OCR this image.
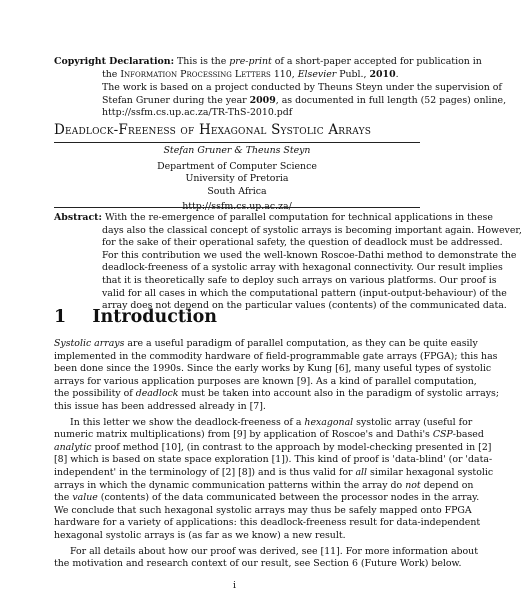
Copyright Declaration: This is the pre-print of a short-paper accepted for publication in
the Information Processing Letters 110, Elsevier Publ., 2010.
The work is based on a project conducted by Theuns Steyn under the supervision of
Stefan Gruner during the year 2009, as documented in full length (52 pages) online,
http://ssfm.cs.up.ac.za/TR-ThS-2010.pdf
Deadlock-Freeness of Hexagonal Systolic Arrays
Stefan Gruner & Theuns Steyn
Department of Computer Science
University of Pretoria
South Africa
http://ssfm.cs.up.ac.za/
Abstract: With the re-emergence of parallel computation for technical applications in these
days also the classical concept of systolic arrays is becoming important again. However,
for the sake of their operational safety, the question of deadlock must be addressed.
For this contribution we used the well-known Roscoe-Dathi method to demonstrate the
deadlock-freeness of a systolic array with hexagonal connectivity. Our result implies
that it is theoretically safe to deploy such arrays on various platforms. Our proof is
valid for all cases in which the computational pattern (input-output-behaviour) of the
array does not depend on the particular values (contents) of the communicated data.
1 Introduction
Systolic arrays are a useful paradigm of parallel computation, as they can be quite easily
implemented in the commodity hardware of field-programmable gate arrays (FPGA); this has
been done since the 1990s. Since the early works by Kung [6], many useful types of systolic
arrays for various application purposes are known [9]. As a kind of parallel computation,
the possibility of deadlock must be taken into account also in the paradigm of systolic arrays;
this issue has been addressed already in [7].
In this letter we show the deadlock-freeness of a hexagonal systolic array (useful for
numeric matrix multiplications) from [9] by application of Roscoe's and Dathi's CSP-based
analytic proof method [10], (in contrast to the approach by model-checking presented in [2]
[8] which is based on state space exploration [1]). This kind of proof is 'data-blind' (or 'data-
independent' in the terminology of [2] [8]) and is thus valid for all similar hexagonal systolic
arrays in which the dynamic communication patterns within the array do not depend on
the value (contents) of the data communicated between the processor nodes in the array.
We conclude that such hexagonal systolic arrays may thus be safely mapped onto FPGA
hardware for a variety of applications: this deadlock-freeness result for data-independent
hexagonal systolic arrays is (as far as we know) a new result.
For all details about how our proof was derived, see [11]. For more information about
the motivation and research context of our result, see Section 6 (Future Work) below.
i
